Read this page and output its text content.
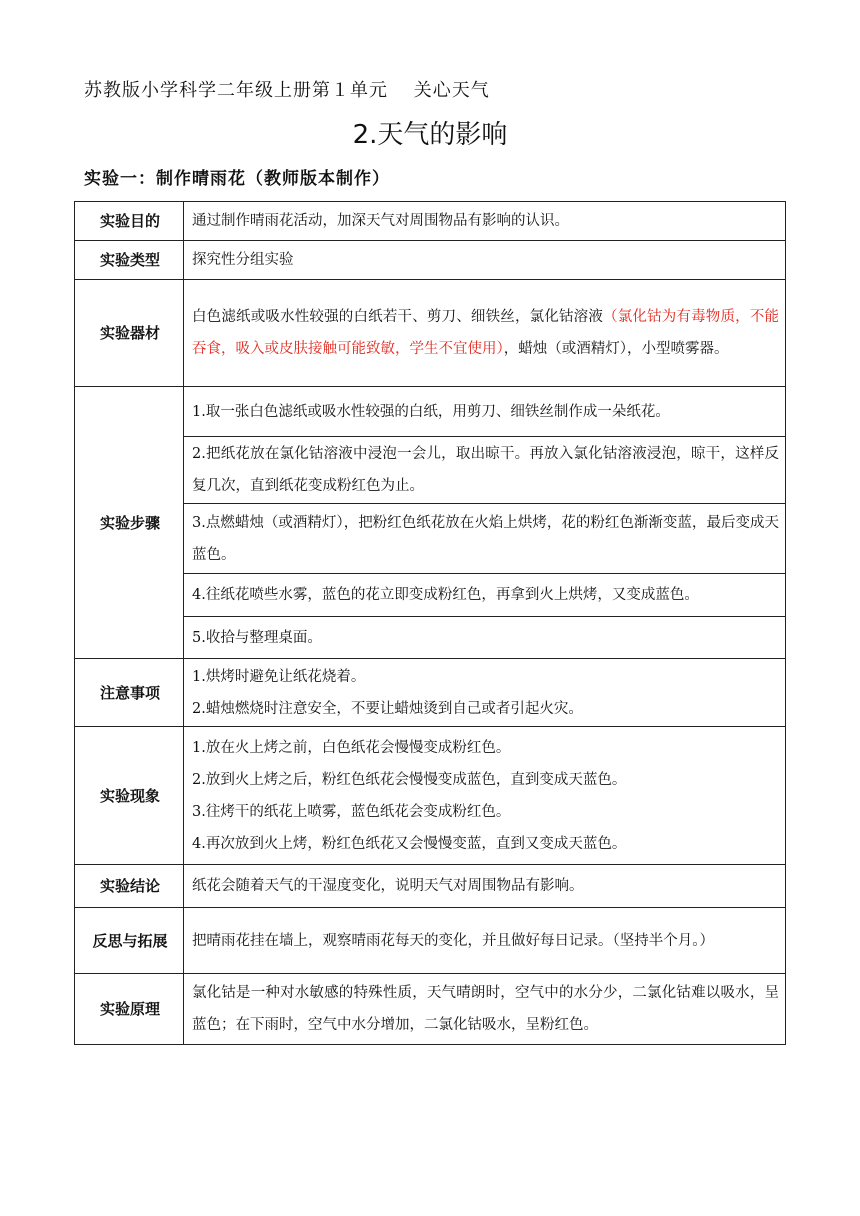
苏教版小学科学二年级上册第１单元　 关心天气
2.天气的影响
实验一：制作晴雨花（教师版本制作）
实验目的	通过制作晴雨花活动，加深天气对周围物品有影响的认识。
实验类型	探究性分组实验
实验器材	白色滤纸或吸水性较强的白纸若干、剪刀、细铁丝，氯化钴溶液（氯化钴为有毒物质，不能吞食，吸入或皮肤接触可能致敏，学生不宜使用），蜡烛（或酒精灯），小型喷雾器。
实验步骤	1.取一张白色滤纸或吸水性较强的白纸，用剪刀、细铁丝制作成一朵纸花。
	2.把纸花放在氯化钴溶液中浸泡一会儿，取出晾干。再放入氯化钴溶液浸泡，晾干，这样反复几次，直到纸花变成粉红色为止。
	3.点燃蜡烛（或酒精灯），把粉红色纸花放在火焰上烘烤，花的粉红色渐渐变蓝，最后变成天蓝色。
	4.往纸花喷些水雾，蓝色的花立即变成粉红色，再拿到火上烘烤，又变成蓝色。
	5.收拾与整理桌面。
注意事项	1.烘烤时避免让纸花烧着。
2.蜡烛燃烧时注意安全，不要让蜡烛烫到自己或者引起火灾。

实验现象	1.放在火上烤之前，白色纸花会慢慢变成粉红色。
2.放到火上烤之后，粉红色纸花会慢慢变成蓝色，直到变成天蓝色。
3.往烤干的纸花上喷雾，蓝色纸花会变成粉红色。
4.再次放到火上烤，粉红色纸花又会慢慢变蓝，直到又变成天蓝色。

实验结论	纸花会随着天气的干湿度变化，说明天气对周围物品有影响。
反思与拓展	把晴雨花挂在墙上，观察晴雨花每天的变化，并且做好每日记录。（坚持半个月。）
实验原理	氯化钴是一种对水敏感的特殊性质，天气晴朗时，空气中的水分少，二氯化钴难以吸水，呈蓝色；在下雨时，空气中水分增加，二氯化钴吸水，呈粉红色。
